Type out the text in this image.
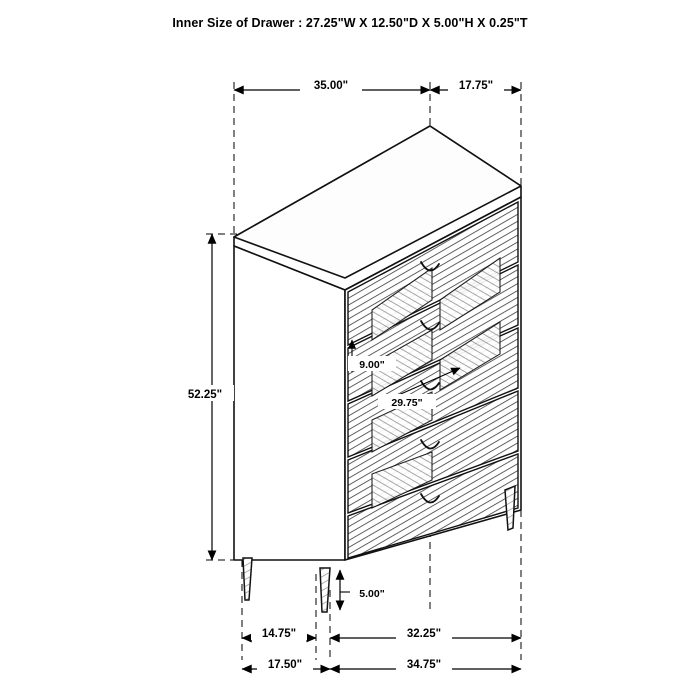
Inner Size of Drawer : 27.25"W X 12.50"D X 5.00"H X 0.25"T
35.00"	17.75"
52.25"
9.00"
29.75"
5.00"
14.75"	32.25"
17.50"	34.75"
